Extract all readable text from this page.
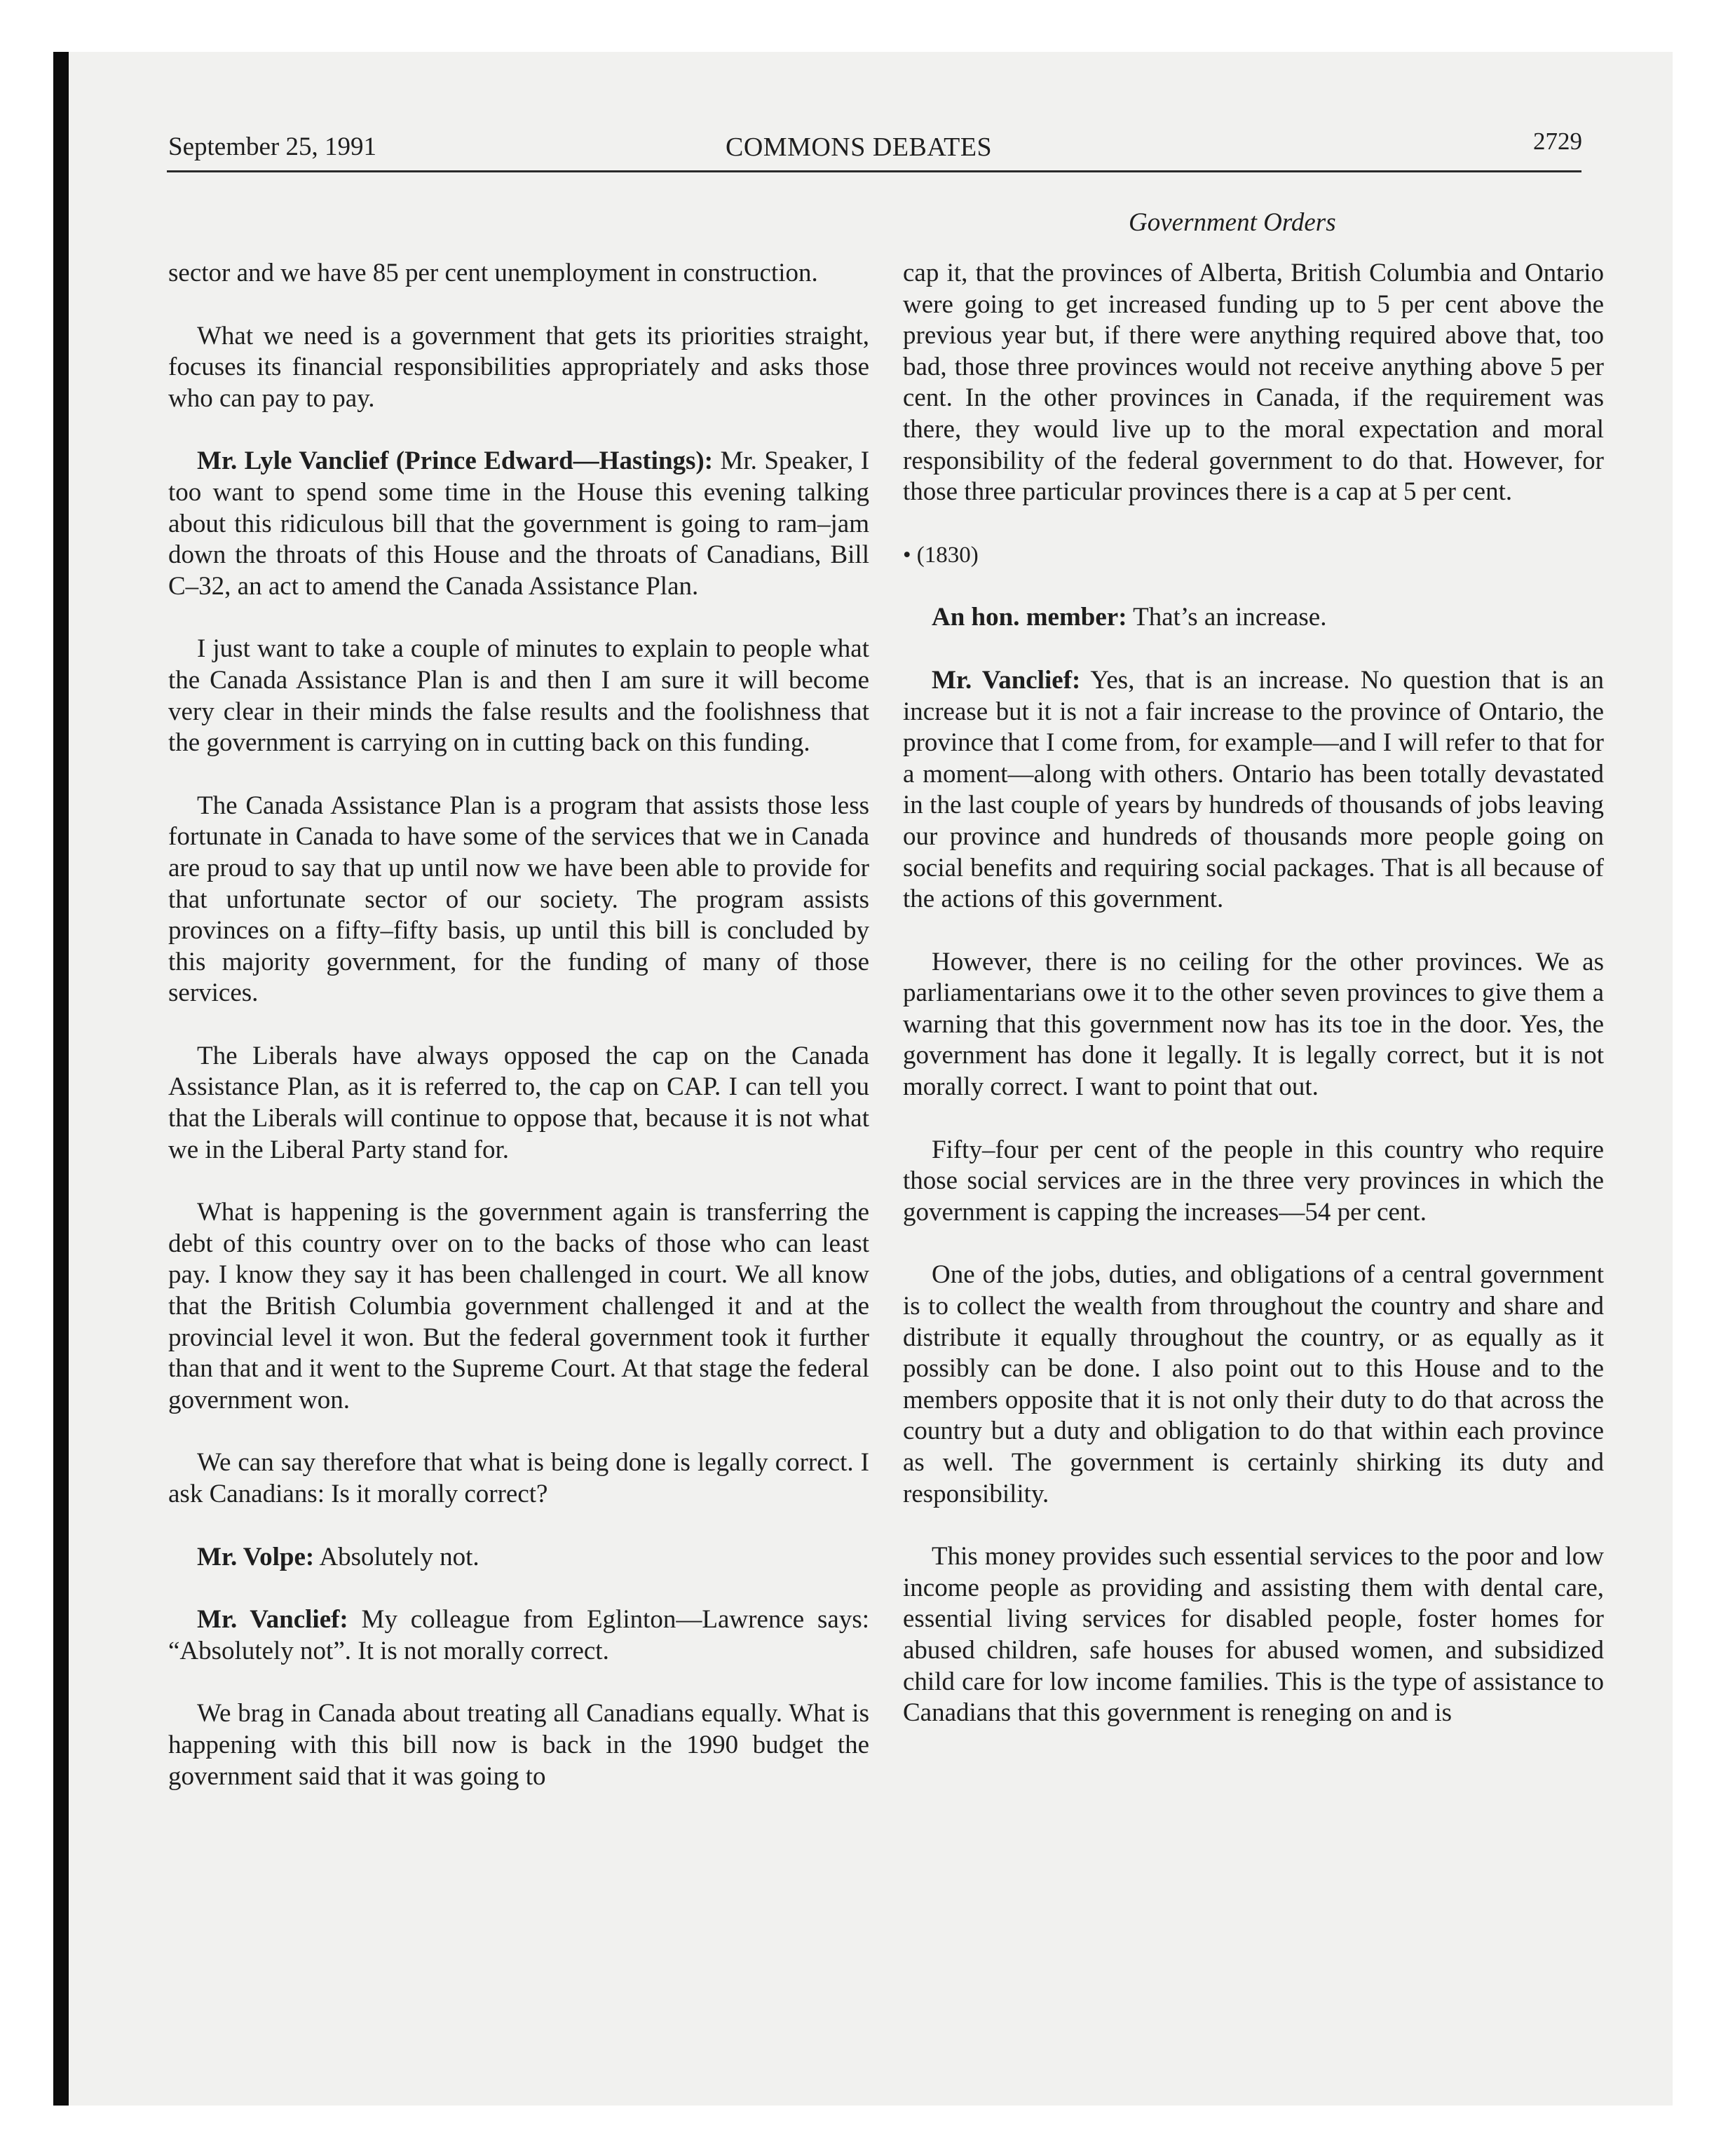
September 25, 1991	COMMONS DEBATES	2729
Government Orders

sector and we have 85 per cent unemployment in construction.

What we need is a government that gets its priorities straight, focuses its financial responsibilities appropriately and asks those who can pay to pay.

Mr. Lyle Vanclief (Prince Edward—Hastings): Mr. Speaker, I too want to spend some time in the House this evening talking about this ridiculous bill that the government is going to ram–jam down the throats of this House and the throats of Canadians, Bill C–32, an act to amend the Canada Assistance Plan.

I just want to take a couple of minutes to explain to people what the Canada Assistance Plan is and then I am sure it will become very clear in their minds the false results and the foolishness that the government is carrying on in cutting back on this funding.

The Canada Assistance Plan is a program that assists those less fortunate in Canada to have some of the services that we in Canada are proud to say that up until now we have been able to provide for that unfortunate sector of our society. The program assists provinces on a fifty–fifty basis, up until this bill is concluded by this majority government, for the funding of many of those services.

The Liberals have always opposed the cap on the Canada Assistance Plan, as it is referred to, the cap on CAP. I can tell you that the Liberals will continue to oppose that, because it is not what we in the Liberal Party stand for.

What is happening is the government again is transferring the debt of this country over on to the backs of those who can least pay. I know they say it has been challenged in court. We all know that the British Columbia government challenged it and at the provincial level it won. But the federal government took it further than that and it went to the Supreme Court. At that stage the federal government won.

We can say therefore that what is being done is legally correct. I ask Canadians: Is it morally correct?

Mr. Volpe: Absolutely not.

Mr. Vanclief: My colleague from Eglinton—Lawrence says: “Absolutely not”. It is not morally correct.

We brag in Canada about treating all Canadians equally. What is happening with this bill now is back in the 1990 budget the government said that it was going to

cap it, that the provinces of Alberta, British Columbia and Ontario were going to get increased funding up to 5 per cent above the previous year but, if there were anything required above that, too bad, those three provinces would not receive anything above 5 per cent. In the other provinces in Canada, if the requirement was there, they would live up to the moral expectation and moral responsibility of the federal government to do that. However, for those three particular provinces there is a cap at 5 per cent.

• (1830)

An hon. member: That’s an increase.

Mr. Vanclief: Yes, that is an increase. No question that is an increase but it is not a fair increase to the province of Ontario, the province that I come from, for example—and I will refer to that for a moment—along with others. Ontario has been totally devastated in the last couple of years by hundreds of thousands of jobs leaving our province and hundreds of thousands more people going on social benefits and requiring social packages. That is all because of the actions of this government.

However, there is no ceiling for the other provinces. We as parliamentarians owe it to the other seven provinces to give them a warning that this government now has its toe in the door. Yes, the government has done it legally. It is legally correct, but it is not morally correct. I want to point that out.

Fifty–four per cent of the people in this country who require those social services are in the three very provinces in which the government is capping the increases—54 per cent.

One of the jobs, duties, and obligations of a central government is to collect the wealth from throughout the country and share and distribute it equally throughout the country, or as equally as it possibly can be done. I also point out to this House and to the members opposite that it is not only their duty to do that across the country but a duty and obligation to do that within each province as well. The government is certainly shirking its duty and responsibility.

This money provides such essential services to the poor and low income people as providing and assisting them with dental care, essential living services for disabled people, foster homes for abused children, safe houses for abused women, and subsidized child care for low income families. This is the type of assistance to Canadians that this government is reneging on and is
